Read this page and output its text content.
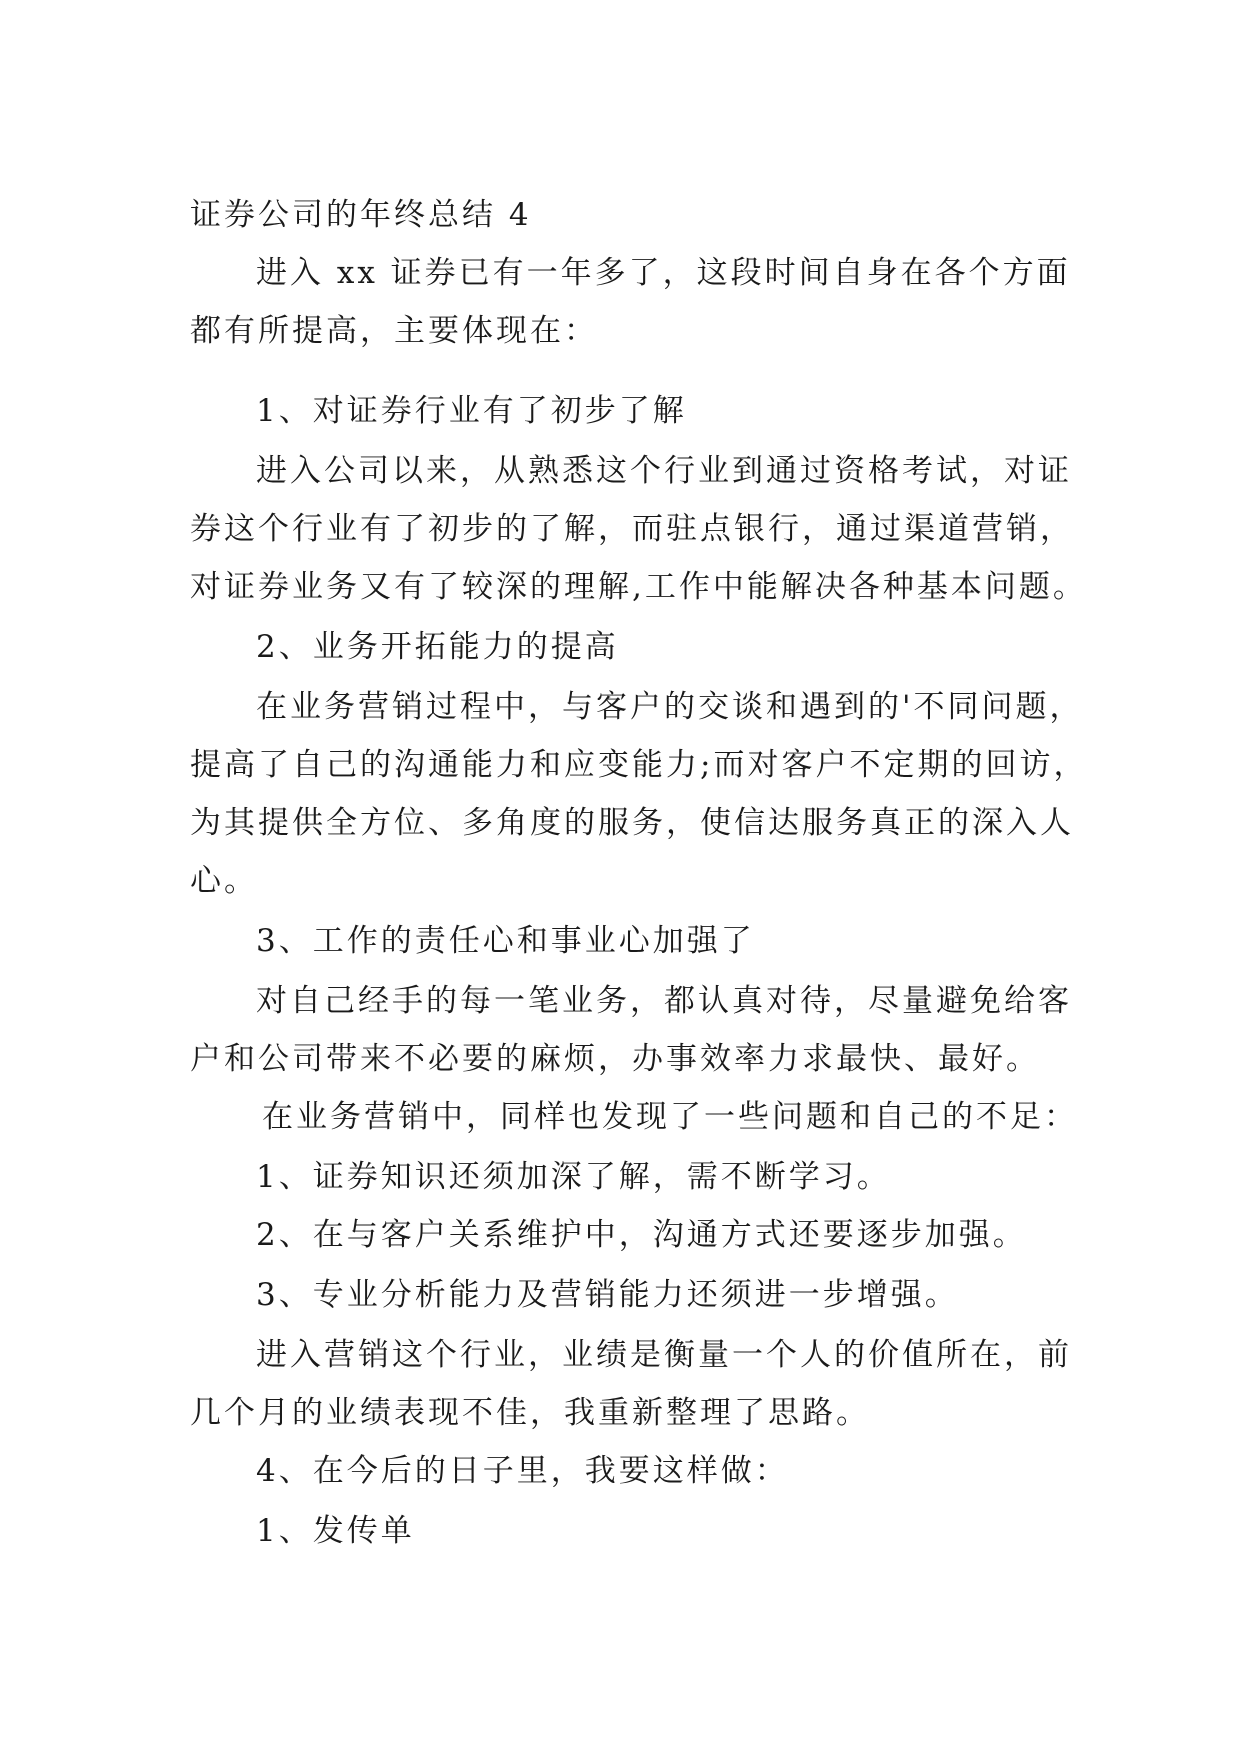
证券公司的年终总结 4
进入 xx 证券已有一年多了，这段时间自身在各个方面
都有所提高，主要体现在：
1、对证券行业有了初步了解
进入公司以来，从熟悉这个行业到通过资格考试，对证
券这个行业有了初步的了解，而驻点银行，通过渠道营销，
对证券业务又有了较深的理解,工作中能解决各种基本问题。
2、业务开拓能力的提高
在业务营销过程中，与客户的交谈和遇到的'不同问题，
提高了自己的沟通能力和应变能力;而对客户不定期的回访，
为其提供全方位、多角度的服务，使信达服务真正的深入人
心。
3、工作的责任心和事业心加强了
对自己经手的每一笔业务，都认真对待，尽量避免给客
户和公司带来不必要的麻烦，办事效率力求最快、最好。
在业务营销中，同样也发现了一些问题和自己的不足：
1、证券知识还须加深了解，需不断学习。
2、在与客户关系维护中，沟通方式还要逐步加强。
3、专业分析能力及营销能力还须进一步增强。
进入营销这个行业，业绩是衡量一个人的价值所在，前
几个月的业绩表现不佳，我重新整理了思路。
4、在今后的日子里，我要这样做：
1、发传单
